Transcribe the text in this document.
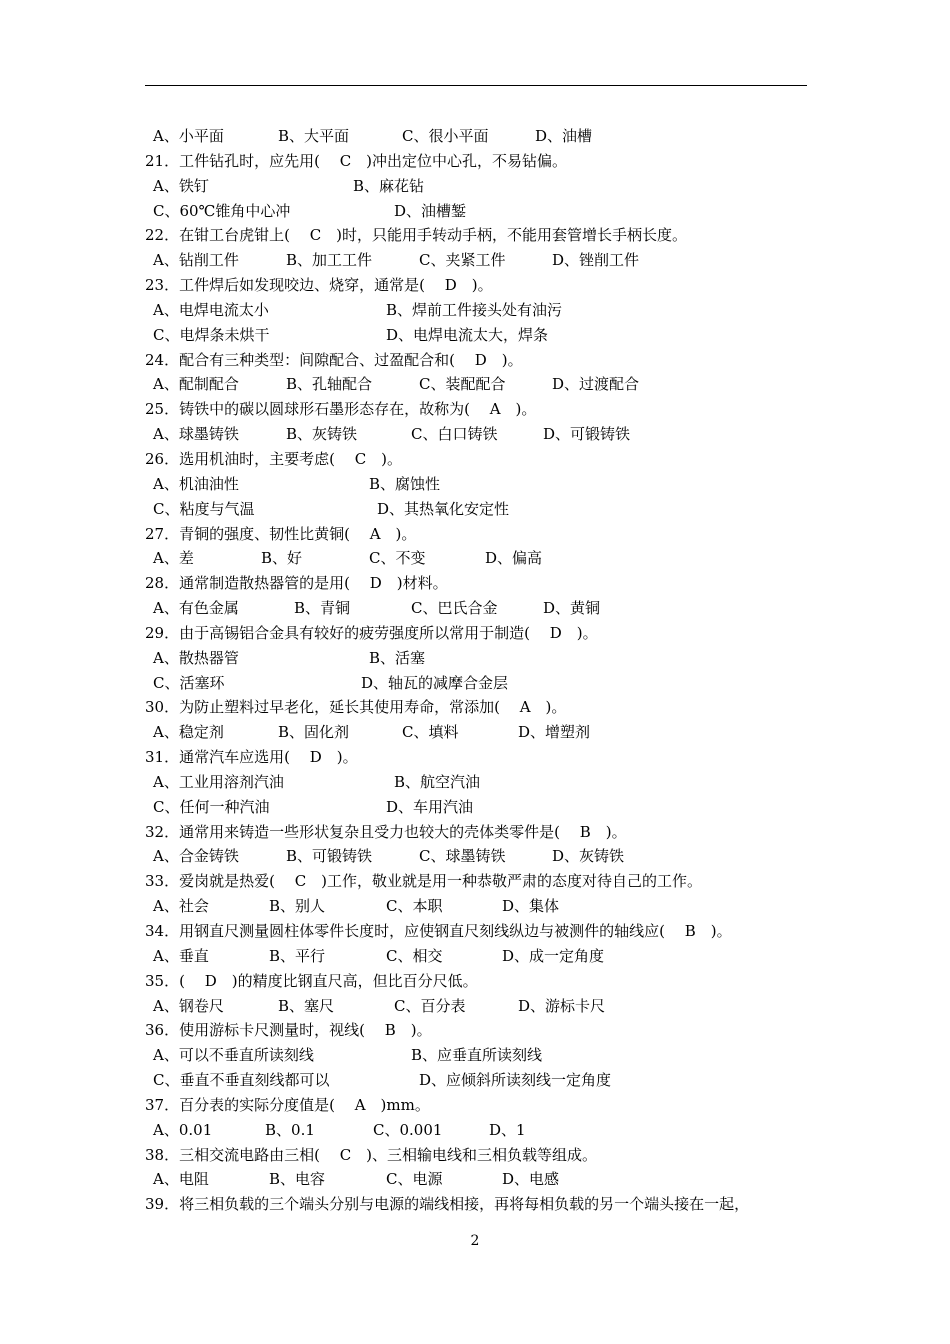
A、小平面	B、大平面	C、很小平面	D、油槽
21．工件钻孔时，应先用(　 C　)冲出定位中心孔，不易钻偏。
A、铁钉	B、麻花钻
C、60℃锥角中心冲	D、油槽錾
22．在钳工台虎钳上(　 C　)时，只能用手转动手柄，不能用套管增长手柄长度。
A、钻削工件	B、加工工件	C、夹紧工件	D、锉削工件
23．工件焊后如发现咬边、烧穿，通常是(　 D　)。
A、电焊电流太小	B、焊前工件接头处有油污
C、电焊条未烘干	D、电焊电流太大，焊条
24．配合有三种类型：间隙配合、过盈配合和(　 D　)。
A、配制配合	B、孔轴配合	C、装配配合	D、过渡配合
25．铸铁中的碳以圆球形石墨形态存在，故称为(　 A　)。
A、球墨铸铁	B、灰铸铁	C、白口铸铁	D、可锻铸铁
26．选用机油时，主要考虑(　 C　)。
A、机油油性	B、腐蚀性
C、粘度与气温	D、其热氧化安定性
27．青铜的强度、韧性比黄铜(　 A　)。
A、差	B、好	C、不变	D、偏高
28．通常制造散热器管的是用(　 D　)材料。
A、有色金属	B、青铜	C、巴氏合金	D、黄铜
29．由于高锡铝合金具有较好的疲劳强度所以常用于制造(　 D　)。
A、散热器管	B、活塞
C、活塞环	D、轴瓦的减摩合金层
30．为防止塑料过早老化，延长其使用寿命，常添加(　 A　)。
A、稳定剂	B、固化剂	C、填料	D、增塑剂
31．通常汽车应选用(　 D　)。
A、工业用溶剂汽油	B、航空汽油
C、任何一种汽油	D、车用汽油
32．通常用来铸造一些形状复杂且受力也较大的壳体类零件是(　 B　)。
A、合金铸铁	B、可锻铸铁	C、球墨铸铁	D、灰铸铁
33．爱岗就是热爱(　 C　)工作，敬业就是用一种恭敬严肃的态度对待自己的工作。
A、社会	B、别人	C、本职	D、集体
34．用钢直尺测量圆柱体零件长度时，应使钢直尺刻线纵边与被测件的轴线应(　 B　)。
A、垂直	B、平行	C、相交	D、成一定角度
35．(　 D　)的精度比钢直尺高，但比百分尺低。
A、钢卷尺	B、塞尺	C、百分表	D、游标卡尺
36．使用游标卡尺测量时，视线(　 B　)。
A、可以不垂直所读刻线	B、应垂直所读刻线
C、垂直不垂直刻线都可以	D、应倾斜所读刻线一定角度
37．百分表的实际分度值是(　 A　)mm。
A、0.01	B、0.1	C、0.001	D、1
38．三相交流电路由三相(　 C　)、三相输电线和三相负载等组成。
A、电阻	B、电容	C、电源	D、电感
39．将三相负载的三个端头分别与电源的端线相接，再将每相负载的另一个端头接在一起，
2
